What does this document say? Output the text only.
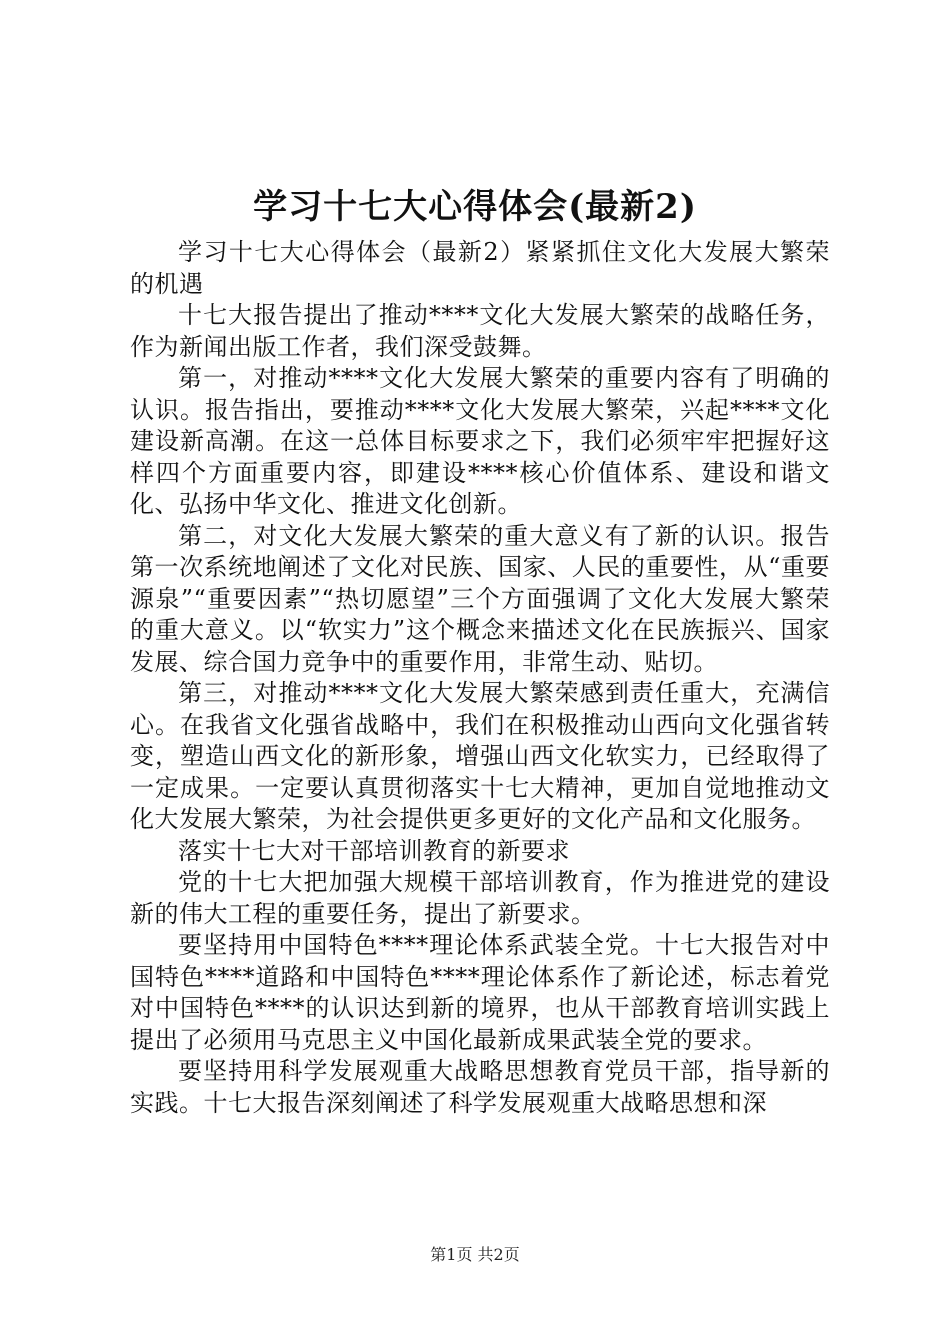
学习十七大心得体会(最新2)

学习十七大心得体会（最新2）紧紧抓住文化大发展大繁荣的机遇

十七大报告提出了推动****文化大发展大繁荣的战略任务，作为新闻出版工作者，我们深受鼓舞。

第一，对推动****文化大发展大繁荣的重要内容有了明确的认识。报告指出，要推动****文化大发展大繁荣，兴起****文化建设新高潮。在这一总体目标要求之下，我们必须牢牢把握好这样四个方面重要内容，即建设****核心价值体系、建设和谐文化、弘扬中华文化、推进文化创新。

第二，对文化大发展大繁荣的重大意义有了新的认识。报告第一次系统地阐述了文化对民族、国家、人民的重要性，从“重要源泉”“重要因素”“热切愿望”三个方面强调了文化大发展大繁荣的重大意义。以“软实力”这个概念来描述文化在民族振兴、国家发展、综合国力竞争中的重要作用，非常生动、贴切。

第三，对推动****文化大发展大繁荣感到责任重大，充满信心。在我省文化强省战略中，我们在积极推动山西向文化强省转变，塑造山西文化的新形象，增强山西文化软实力，已经取得了一定成果。一定要认真贯彻落实十七大精神，更加自觉地推动文化大发展大繁荣，为社会提供更多更好的文化产品和文化服务。

落实十七大对干部培训教育的新要求

党的十七大把加强大规模干部培训教育，作为推进党的建设新的伟大工程的重要任务，提出了新要求。

要坚持用中国特色****理论体系武装全党。十七大报告对中国特色****道路和中国特色****理论体系作了新论述，标志着党对中国特色****的认识达到新的境界，也从干部教育培训实践上提出了必须用马克思主义中国化最新成果武装全党的要求。

要坚持用科学发展观重大战略思想教育党员干部，指导新的实践。十七大报告深刻阐述了科学发展观重大战略思想和深

第1页 共2页
